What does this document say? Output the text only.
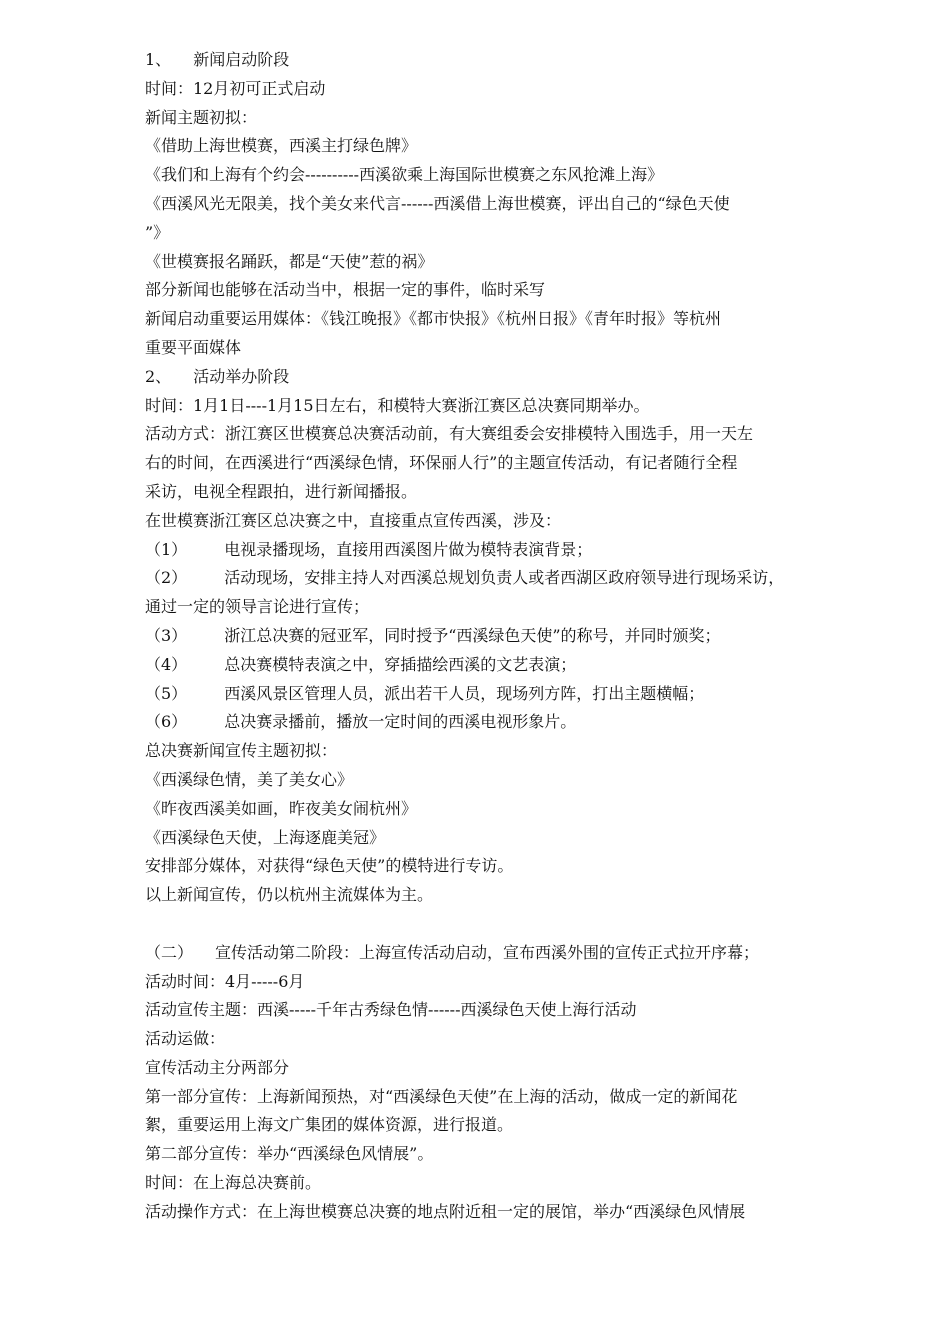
1、 新闻启动阶段
时间：12月初可正式启动
新闻主题初拟：
《借助上海世模赛，西溪主打绿色牌》
《我们和上海有个约会----------西溪欲乘上海国际世模赛之东风抢滩上海》
《西溪风光无限美，找个美女来代言------西溪借上海世模赛，评出自己的“绿色天使
”》
《世模赛报名踊跃，都是“天使”惹的祸》
部分新闻也能够在活动当中，根据一定的事件，临时采写
新闻启动重要运用媒体：《钱江晚报》《都市快报》《杭州日报》《青年时报》等杭州
重要平面媒体
2、 活动举办阶段
时间：1月1日----1月15日左右，和模特大赛浙江赛区总决赛同期举办。
活动方式：浙江赛区世模赛总决赛活动前，有大赛组委会安排模特入围选手，用一天左
右的时间，在西溪进行“西溪绿色情，环保丽人行”的主题宣传活动，有记者随行全程
采访，电视全程跟拍，进行新闻播报。
在世模赛浙江赛区总决赛之中，直接重点宣传西溪，涉及：
（1） 电视录播现场，直接用西溪图片做为模特表演背景；
（2） 活动现场，安排主持人对西溪总规划负责人或者西湖区政府领导进行现场采访，
通过一定的领导言论进行宣传；
（3） 浙江总决赛的冠亚军，同时授予“西溪绿色天使”的称号，并同时颁奖；
（4） 总决赛模特表演之中，穿插描绘西溪的文艺表演；
（5） 西溪风景区管理人员，派出若干人员，现场列方阵，打出主题横幅；
（6） 总决赛录播前，播放一定时间的西溪电视形象片。
总决赛新闻宣传主题初拟：
《西溪绿色情，美了美女心》
《昨夜西溪美如画，昨夜美女闹杭州》
《西溪绿色天使，上海逐鹿美冠》
安排部分媒体，对获得“绿色天使”的模特进行专访。
以上新闻宣传，仍以杭州主流媒体为主。
（二） 宣传活动第二阶段：上海宣传活动启动，宣布西溪外围的宣传正式拉开序幕；
活动时间：4月-----6月
活动宣传主题：西溪-----千年古秀绿色情------西溪绿色天使上海行活动
活动运做：
宣传活动主分两部分
第一部分宣传：上海新闻预热，对“西溪绿色天使”在上海的活动，做成一定的新闻花
絮，重要运用上海文广集团的媒体资源，进行报道。
第二部分宣传：举办“西溪绿色风情展”。
时间：在上海总决赛前。
活动操作方式：在上海世模赛总决赛的地点附近租一定的展馆，举办“西溪绿色风情展
